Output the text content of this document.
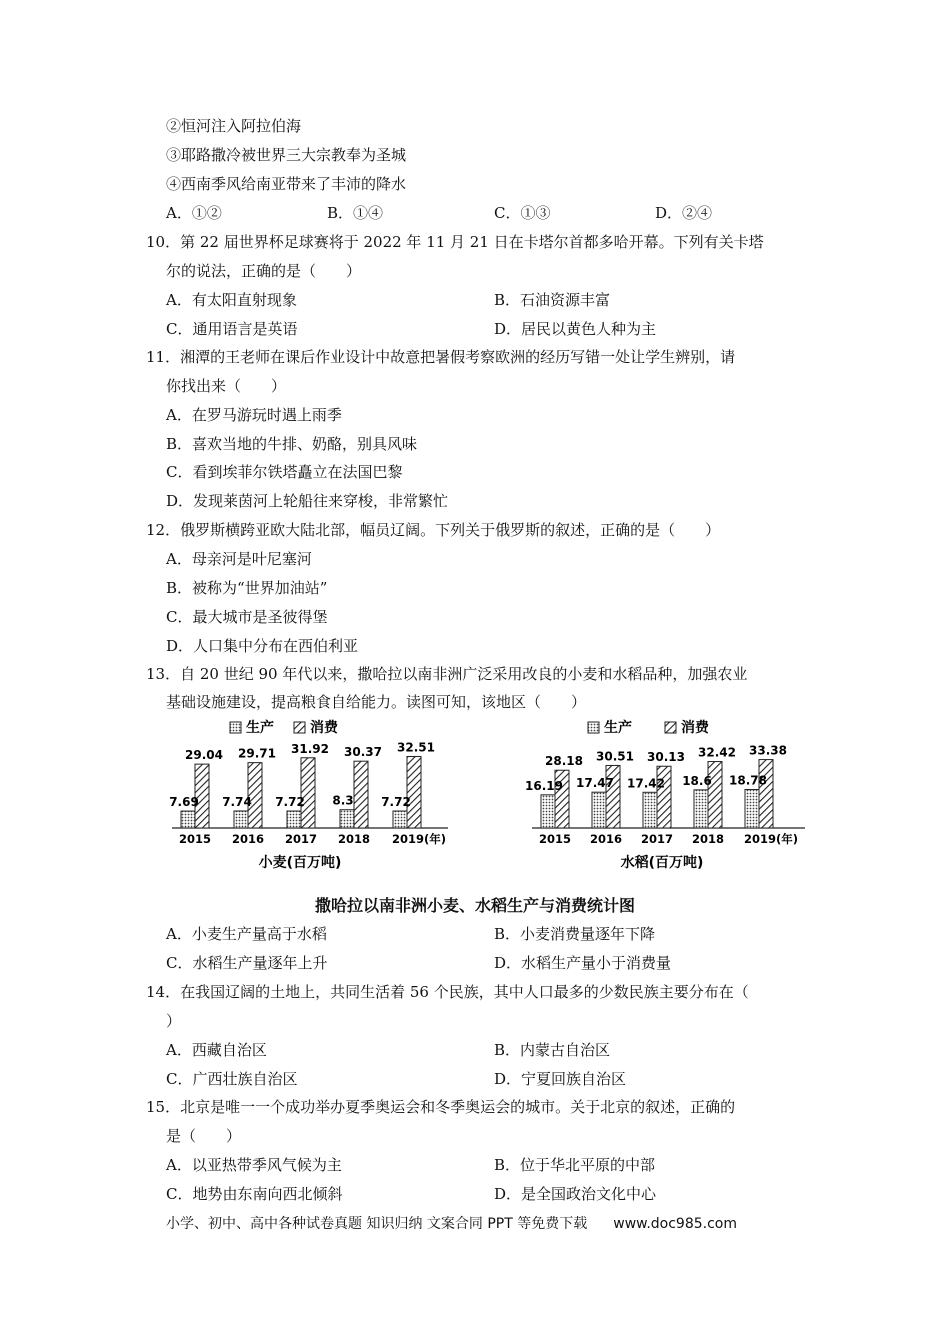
②恒河注入阿拉伯海
③耶路撒冷被世界三大宗教奉为圣城
④西南季风给南亚带来了丰沛的降水
A．①②	B．①④	C．①③	D．②④
10．第 22 届世界杯足球赛将于 2022 年 11 月 21 日在卡塔尔首都多哈开幕。下列有关卡塔
尔的说法，正确的是（　　）
A．有太阳直射现象	B．石油资源丰富
C．通用语言是英语	D．居民以黄色人种为主
11．湘潭的王老师在课后作业设计中故意把暑假考察欧洲的经历写错一处让学生辨别，请
你找出来（　　）
A．在罗马游玩时遇上雨季
B．喜欢当地的牛排、奶酪，别具风味
C．看到埃菲尔铁塔矗立在法国巴黎
D．发现莱茵河上轮船往来穿梭，非常繁忙
12．俄罗斯横跨亚欧大陆北部，幅员辽阔。下列关于俄罗斯的叙述，正确的是（　　）
A．母亲河是叶尼塞河
B．被称为“世界加油站”
C．最大城市是圣彼得堡
D．人口集中分布在西伯利亚
13．自 20 世纪 90 年代以来，撒哈拉以南非洲广泛采用改良的小麦和水稻品种，加强农业
基础设施建设，提高粮食自给能力。读图可知，该地区（　　）
生产	消费
7.69
29.04
2015
7.74
29.71
2016
7.72
31.92
2017
8.3
30.37
2018
7.72
32.51
2019(年)
小麦(百万吨)
生产	消费
16.19
28.18
2015
17.47
30.51
2016
17.42
30.13
2017
18.6
32.42
2018
18.78
33.38
2019(年)
水稻(百万吨)
撒哈拉以南非洲小麦、水稻生产与消费统计图
A．小麦生产量高于水稻	B．小麦消费量逐年下降
C．水稻生产量逐年上升	D．水稻生产量小于消费量
14．在我国辽阔的土地上，共同生活着 56 个民族，其中人口最多的少数民族主要分布在（
）
A．西藏自治区	B．内蒙古自治区
C．广西壮族自治区	D．宁夏回族自治区
15．北京是唯一一个成功举办夏季奥运会和冬季奥运会的城市。关于北京的叙述，正确的
是（　　）
A．以亚热带季风气候为主	B．位于华北平原的中部
C．地势由东南向西北倾斜	D．是全国政治文化中心
小学、初中、高中各种试卷真题 知识归纳 文案合同 PPT 等免费下载 www.doc985.com
